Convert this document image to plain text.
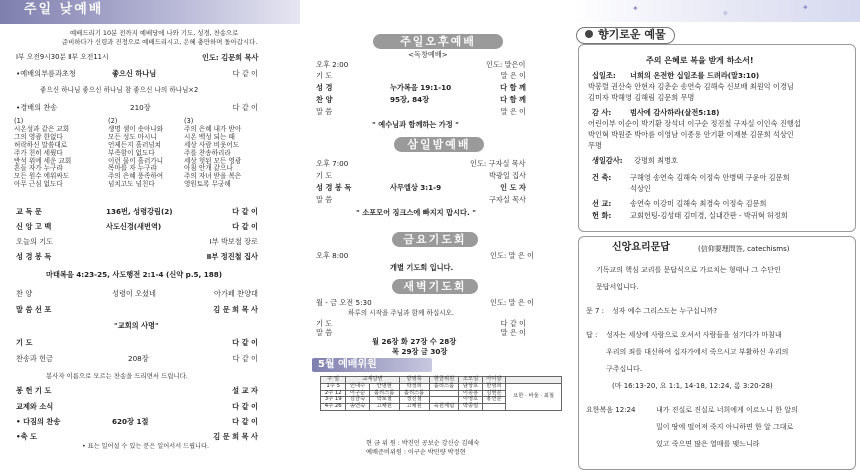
주일 낮예배
예배드리기 10분 전까지 예배당에 나와 기도, 성경, 찬송으로
준비하다가 신령과 진정으로 예배드리시고, 은혜 충만하며 돌아갑시다.
Ⅰ부 오전9시30분 Ⅱ부 오전11시	인도: 김문희 목사
•예배의부름과초청	좋으신 하나님	다 같 이
좋으신 하나님 좋으신 하나님 참 좋으신 나의 하나님×2
•경배의 찬송	210장	다 같 이
(1)
시온성과 같은 교회
그의 영광 한없다
허락하신 말씀대로
주가 친히 세웠다
반석 위에 세운 교회
흔들 자가 누구랴
모든 원수 에워싸도
아무 근심 없도다
(2)
생명 샘이 솟아나와
모든 성도 마시니
언제든지 흘러넘쳐
부족함이 없도다
이런 물이 흘러가니
목마를 자 누구랴
주의 은혜 풍족하여
넘치고도 넘친다
(3)
주의 은혜 내가 받아
시온 백성 되는 때
세상 사람 비웃어도
주를 찬송하리라
세상 헛된 모든 영광
아침 안개 같으나
주의 자녀 받을 복은
영원토록 무궁해
교 독 문	136번, 성령강림(2)	다 같 이
신 앙 고 백	사도신경(새번역)	다 같 이
오늘의 기도	Ⅰ부 박보철 장로
성 경 봉 독	Ⅱ부 정진철 집사
마태복음 4:23-25, 사도행전 2:1-4 (신약 p.5, 188)
찬 양	성령이 오셨네	아가페 찬양대
말 씀 선 포	김 문 희 목 사
"교회의 사명"
기 도	다 같 이
찬송과 헌금	208장	다 같 이
봉사자 이름으로 모르는 찬송을 드리면서 드립니다.
봉 헌 기 도	설 교 자
교제와 소식	다 같 이
• 다짐의 찬송	620장 1절	다 같 이
•축 도	김 문 희 목 사
• 표는 일어설 수 있는 분은 일어서서 드립니다.
주일오후예배
<독창예배>
오후 2:00	인도: 말은이
기 도	말 은 이
성 경	누가복음 19:1-10	다 함 께
찬 양	95장, 84장	다 함 께
말 씀	말 은 이
" 예수님과 함께하는 가정 "
삼일밤예배
오후 7:00	인도: 구자실 목사
기 도	박광일 집사
성 경 봉 독	사무엘상 3:1-9	인 도 자
말 씀	구자실 목사
" 소포모어 징크스에 빠지지 맙시다. "
금요기도회
오후 8:00	인도: 말 은 이
개별 기도회 입니다.
새벽기도회
월 - 금 오전 5:30	인도: 말 은 이
하루의 시작을 주님과 함께 하십시오.
기 도	다 같 이
말 씀	말 은 이
월 26장 화 27장 수 28장
목 29장 금 30장
5월 예배위원
현 금 위 원 : 박진민 공보순 강신승 김해숙
예배준비위원 : 이구순 박민량 박정현
주 일	교재당번		방명록	현금위원	소모임	아이방	
1주 5	인대수	안명현	박정희	홀리스룸	남상호	한명희	요한 · 바울 · 최철
2주 12	이구순	홀리스룸	홀리스룸		이종용	김현분	
3주 19	김금숙	박보철	정진철		이영호	홍연분	
4주 26	송연숙	고채원	고채원	육원제팀	박종일		
✦
✧
✦
향기로운 예물
주의 은혜로 복을 받게 하소서!
십일조: 너희의 온전한 십일조를 드려라(말3:10)
박봉렬 권산숙 안현자 김춘순 송연숙 김해숙 신보배 최원익 이경님
김미자 박해영 김해림 김문희 무명
감 사:	범사에 감사하라(살전5:18)
어린이부 이순이 박기환 장석녀 이구순 정진철 구자실 이인숙 진행섭
박인혁 박원준 박아름 이영남 이종용 안기환 이재분 김문희 석상인
무명
생일감사: 강명희 최병호
건 축:	구해영 송연숙 김해숙 이정숙 안병택 구윤아 김문희
석상인
선 교:	송연숙 이강미 김해숙 최경숙 이정숙 김문희
헌 화:	교회헌팅-김성태 김미경, 실내간판 - 박귀혁 허정희
신앙요리문답	(信仰要理問答, catechisms)
기독교의 핵심 교리를 문답식으로 가르치는 형태나 그 수단인
문답서입니다.
문 7 : 성자 예수 그리스도는 누구십니까?
답 : 성자는 세상에 사람으로 오셔서 사람들을 섬기다가 마침내
우리의 죄를 대신하여 십자가에서 죽으시고 부활하신 우리의
구주십니다.
(마 16:13-20, 요 1:1, 14-18, 12:24, 롬 3:20-28)
요한복음 12:24	내가 진실로 진실로 너희에게 이르노니 한 알의
밀이 땅에 떨어져 죽지 아니하면 한 알 그대로
있고 죽으면 많은 열매를 맺느니라
